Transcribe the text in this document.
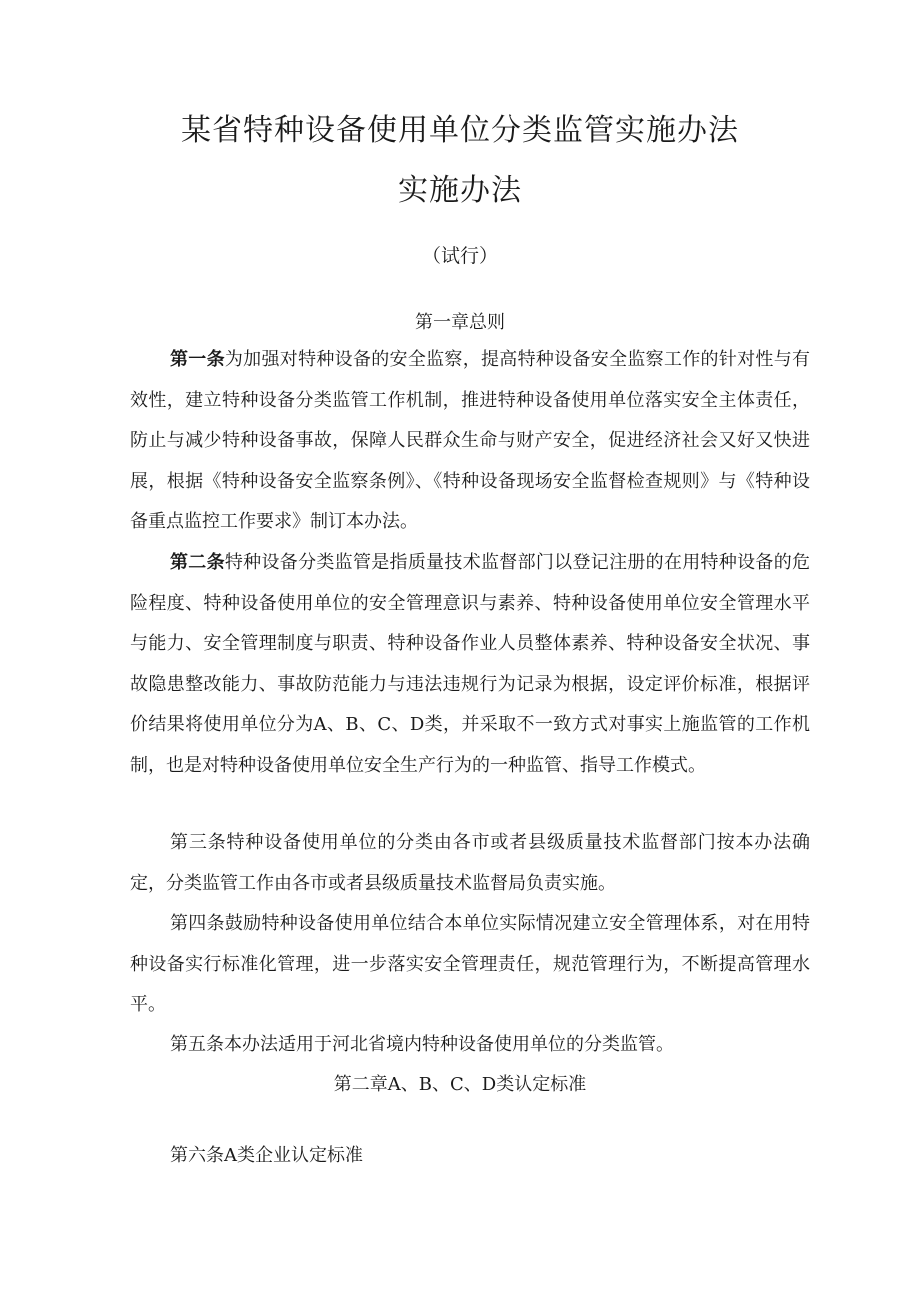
某省特种设备使用单位分类监管实施办法
实施办法
（试行）
第一章总则

第一条为加强对特种设备的安全监察，提高特种设备安全监察工作的针对性与有效性，建立特种设备分类监管工作机制，推进特种设备使用单位落实安全主体责任，防止与减少特种设备事故，保障人民群众生命与财产安全，促进经济社会又好又快进展，根据《特种设备安全监察条例》、《特种设备现场安全监督检查规则》与《特种设备重点监控工作要求》制订本办法。

第二条特种设备分类监管是指质量技术监督部门以登记注册的在用特种设备的危险程度、特种设备使用单位的安全管理意识与素养、特种设备使用单位安全管理水平与能力、安全管理制度与职责、特种设备作业人员整体素养、特种设备安全状况、事故隐患整改能力、事故防范能力与违法违规行为记录为根据，设定评价标准，根据评价结果将使用单位分为A、B、C、D类，并采取不一致方式对事实上施监管的工作机制，也是对特种设备使用单位安全生产行为的一种监管、指导工作模式。

第三条特种设备使用单位的分类由各市或者县级质量技术监督部门按本办法确定，分类监管工作由各市或者县级质量技术监督局负责实施。

第四条鼓励特种设备使用单位结合本单位实际情况建立安全管理体系，对在用特种设备实行标准化管理，进一步落实安全管理责任，规范管理行为，不断提高管理水平。

第五条本办法适用于河北省境内特种设备使用单位的分类监管。

第二章A、B、C、D类认定标准

第六条A类企业认定标准
